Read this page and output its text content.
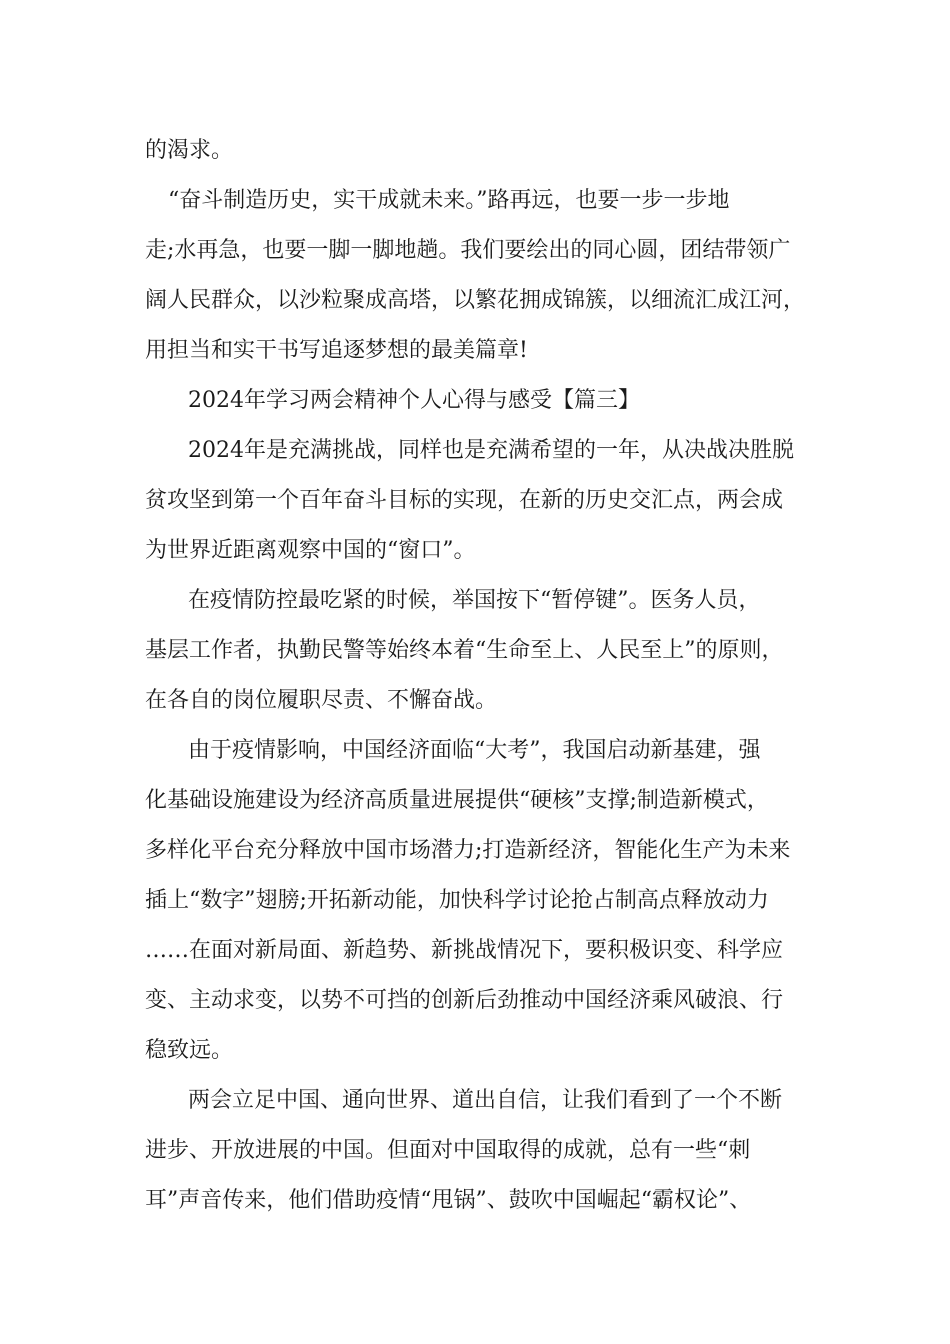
的渴求。
“奋斗制造历史，实干成就未来。”路再远，也要一步一步地
走;水再急，也要一脚一脚地趟。我们要绘出的同心圆，团结带领广
阔人民群众，以沙粒聚成高塔，以繁花拥成锦簇，以细流汇成江河，
用担当和实干书写追逐梦想的最美篇章!
2024年学习两会精神个人心得与感受【篇三】
2024年是充满挑战，同样也是充满希望的一年，从决战决胜脱
贫攻坚到第一个百年奋斗目标的实现，在新的历史交汇点，两会成
为世界近距离观察中国的“窗口”。
在疫情防控最吃紧的时候，举国按下“暂停键”。医务人员，
基层工作者，执勤民警等始终本着“生命至上、人民至上”的原则，
在各自的岗位履职尽责、不懈奋战。
由于疫情影响，中国经济面临“大考”，我国启动新基建，强
化基础设施建设为经济高质量进展提供“硬核”支撑;制造新模式，
多样化平台充分释放中国市场潜力;打造新经济，智能化生产为未来
插上“数字”翅膀;开拓新动能，加快科学讨论抢占制高点释放动力
……在面对新局面、新趋势、新挑战情况下，要积极识变、科学应
变、主动求变，以势不可挡的创新后劲推动中国经济乘风破浪、行
稳致远。
两会立足中国、通向世界、道出自信，让我们看到了一个不断
进步、开放进展的中国。但面对中国取得的成就，总有一些“刺
耳”声音传来，他们借助疫情“甩锅”、鼓吹中国崛起“霸权论”、
